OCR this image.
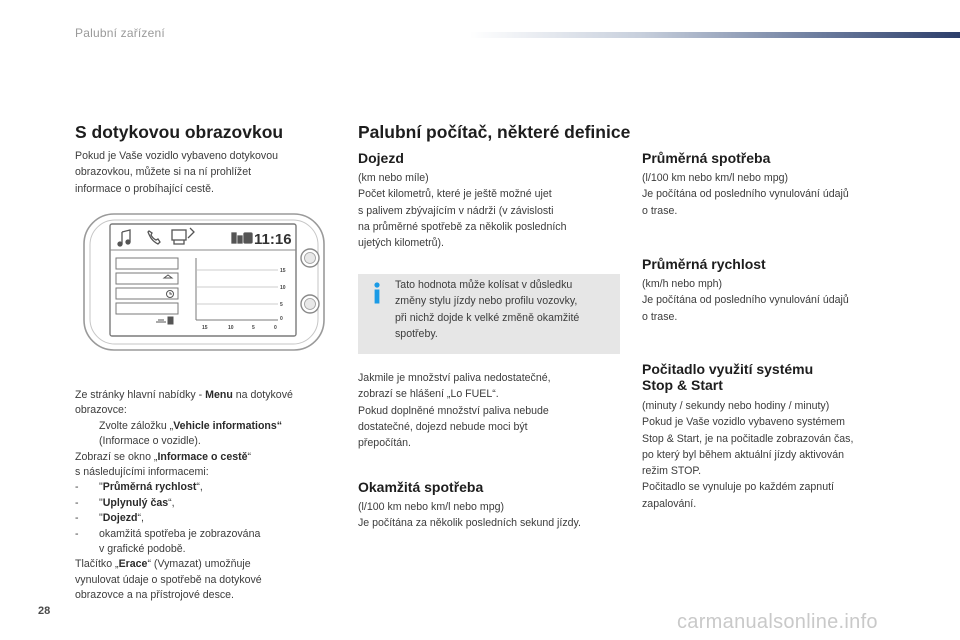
Palubní zařízení
S dotykovou obrazovkou
Pokud je Vaše vozidlo vybaveno dotykovou
obrazovkou, můžete si na ní prohlížet
informace o probíhající cestě.
11:16
15
10
5
0
15	10	5	0
Ze stránky hlavní nabídky - Menu na dotykové
obrazovce:
Zvolte záložku „Vehicle informations“
(Informace o vozidle).
Zobrazí se okno „Informace o cestě“
s následujícími informacemi:
-	"Průměrná rychlost“,
-	"Uplynulý čas“,
-	"Dojezd“,
-	okamžitá spotřeba je zobrazována
v grafické podobě.
Tlačítko „Erace“ (Vymazat) umožňuje
vynulovat údaje o spotřebě na dotykové
obrazovce a na přístrojové desce.
Palubní počítač, některé definice
Dojezd
(km nebo míle)
Počet kilometrů, které je ještě možné ujet
s palivem zbývajícím v nádrži (v závislosti
na průměrné spotřebě za několik posledních
ujetých kilometrů).
Tato hodnota může kolísat v důsledku
změny stylu jízdy nebo profilu vozovky,
při nichž dojde k velké změně okamžité
spotřeby.
Jakmile je množství paliva nedostatečné,
zobrazí se hlášení „Lo FUEL“.
Pokud doplněné množství paliva nebude
dostatečné, dojezd nebude moci být
přepočítán.
Okamžitá spotřeba
(l/100 km nebo km/l nebo mpg)
Je počítána za několik posledních sekund jízdy.
Průměrná spotřeba
(l/100 km nebo km/l nebo mpg)
Je počítána od posledního vynulování údajů
o trase.
Průměrná rychlost
(km/h nebo mph)
Je počítána od posledního vynulování údajů
o trase.
Počitadlo využití systému
Stop & Start
(minuty / sekundy nebo hodiny / minuty)
Pokud je Vaše vozidlo vybaveno systémem
Stop & Start, je na počitadle zobrazován čas,
po který byl během aktuální jízdy aktivován
režim STOP.
Počitadlo se vynuluje po každém zapnutí
zapalování.
28	carmanualsonline.info
